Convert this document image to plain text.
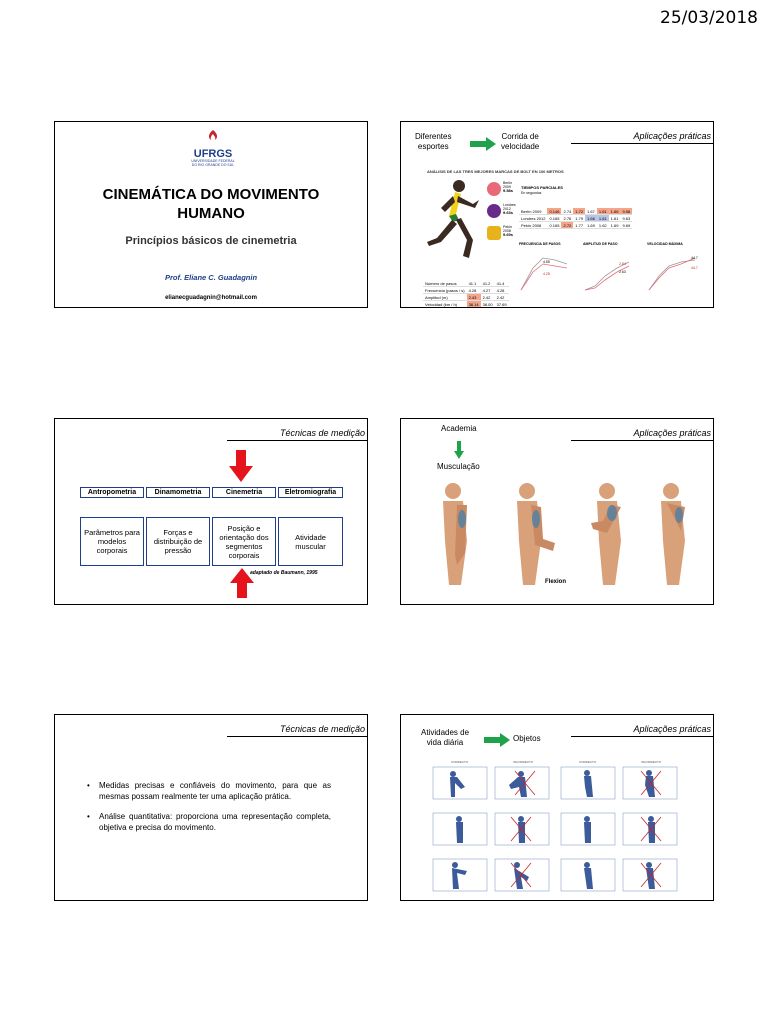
25/03/2018
UFRGS
UNIVERSIDADE FEDERAL
DO RIO GRANDE DO SUL
CINEMÁTICA DO MOVIMENTO
HUMANO
Princípios básicos de cinemetria
Prof. Eliane C. Guadagnin
elianecguadagnin@hotmail.com
Aplicações práticas
Diferentes
esportes
Corrida de
velocidade
ANÁLISIS DE LAS TRES MEJORES MARCAS DE BOLT EN 100 METROS
Berlín 2009
9.58s
Londres 2012
9.63s
Pekín 2008
9.69s
TIEMPOS PARCIALES
En segundos
Berlín 2009	0.146	2.74	1.72	1.67	1.61	1.66	9.58
Londres 2012	0.165	2.76	1.79	1.66	1.61	1.61	9.63
Pekín 2008	0.165	2.72	1.77	1.69	1.62	1.69	9.69
Número de pasos	41.1	41.2	41.4
Frecuencia (pasos / s)	4.28	4.27	4.28
Amplitud (m)	2.43	2.42	2.42
Velocidad (km / h)	38.14	38.00	37.69
FRECUENCIA DE PASOS
4.55
4.28
AMPLITUD DE PASO
2.84
2.63
VELOCIDAD MÁXIMA
44.7
44.7
Técnicas de medição
Antropometria	Dinamometria	Cinemetria	Eletromiografia
Parâmetros para modelos corporais
Forças e distribuição de pressão
Posição e orientação dos segmentos corporais
Atividade muscular
adaptado de Baumann, 1995
Aplicações práticas
Academia
Musculação
Flexion
Técnicas de medição
• Medidas precisas e confiáveis do movimento, para que as mesmas possam realmente ter uma aplicação prática.
• Análise quantitativa: proporciona uma representação completa, objetiva e precisa do movimento.
Aplicações práticas
Atividades de
vida diária	Objetos
CORRECTO	INCORRECTO	CORRECTO	INCORRECTO
